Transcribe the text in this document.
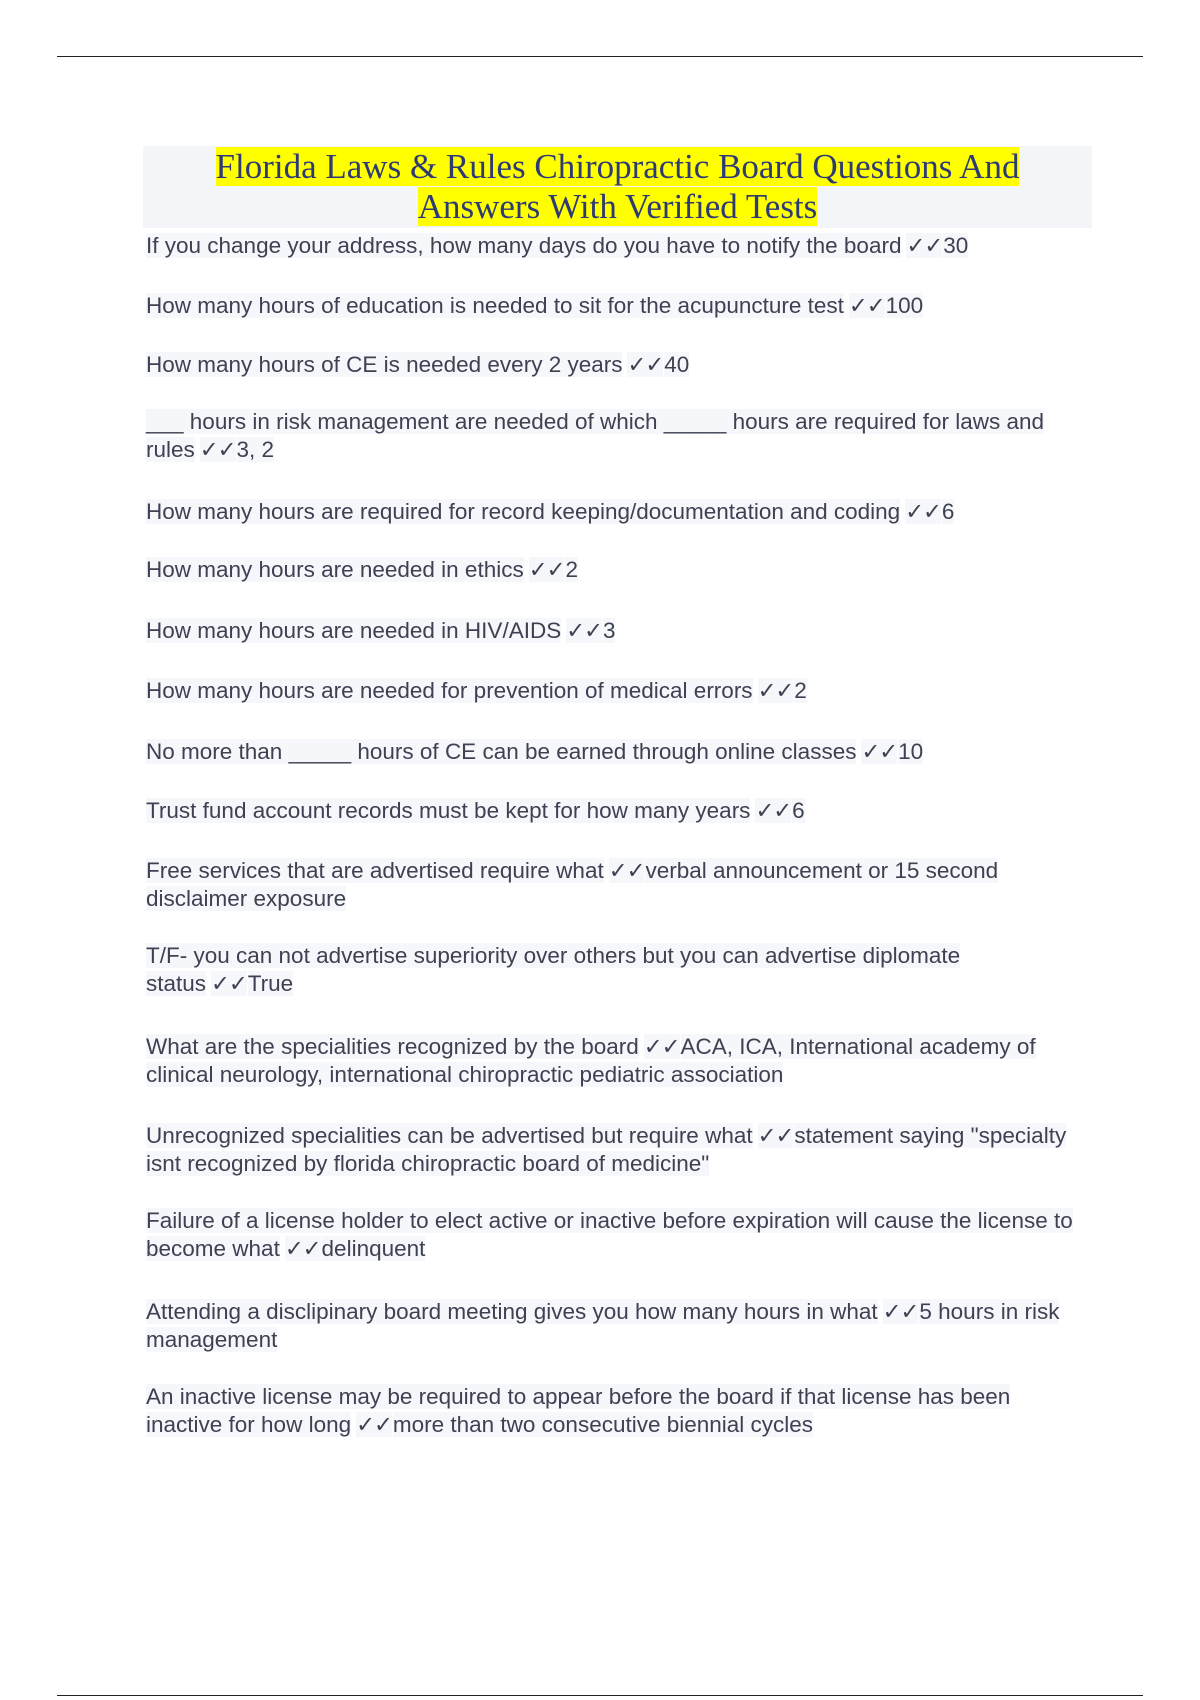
Florida Laws & Rules Chiropractic Board Questions And
Answers With Verified Tests
If you change your address, how many days do you have to notify the board ✓✓30
How many hours of education is needed to sit for the acupuncture test ✓✓100
How many hours of CE is needed every 2 years ✓✓40
___ hours in risk management are needed of which _____ hours are required for laws and rules ✓✓3, 2
How many hours are required for record keeping/documentation and coding ✓✓6
How many hours are needed in ethics ✓✓2
How many hours are needed in HIV/AIDS ✓✓3
How many hours are needed for prevention of medical errors ✓✓2
No more than _____ hours of CE can be earned through online classes ✓✓10
Trust fund account records must be kept for how many years ✓✓6
Free services that are advertised require what ✓✓verbal announcement or 15 second disclaimer exposure
T/F- you can not advertise superiority over others but you can advertise diplomate status ✓✓True
What are the specialities recognized by the board ✓✓ACA, ICA, International academy of clinical neurology, international chiropractic pediatric association
Unrecognized specialities can be advertised but require what ✓✓statement saying "specialty isnt recognized by florida chiropractic board of medicine"
Failure of a license holder to elect active or inactive before expiration will cause the license to become what ✓✓delinquent
Attending a disclipinary board meeting gives you how many hours in what ✓✓5 hours in risk management
An inactive license may be required to appear before the board if that license has been inactive for how long ✓✓more than two consecutive biennial cycles
